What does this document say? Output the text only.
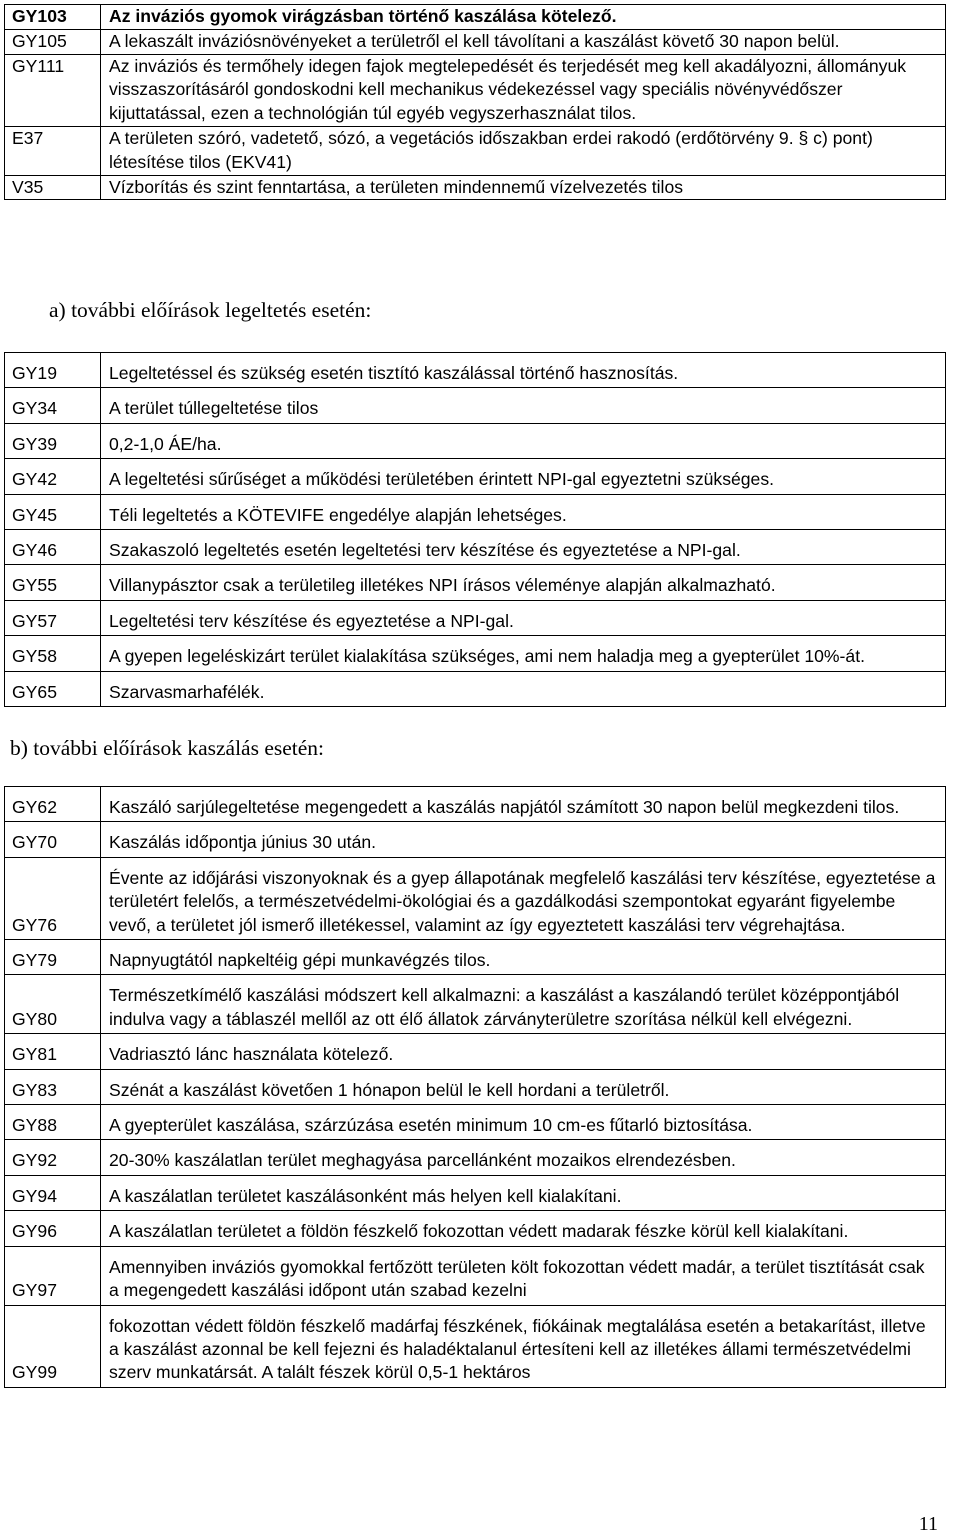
GY103	Az inváziós gyomok virágzásban történő kaszálása kötelező.
GY105	A lekaszált inváziósnövényeket a területről el kell távolítani a kaszálást követő 30 napon belül.
GY111	Az inváziós és termőhely idegen fajok megtelepedését és terjedését meg kell akadályozni, állományuk visszaszorításáról gondoskodni kell mechanikus védekezéssel vagy speciális növényvédőszer kijuttatással, ezen a technológián túl egyéb vegyszerhasználat tilos.
E37	A területen szóró, vadetető, sózó, a vegetációs időszakban erdei rakodó (erdőtörvény 9. § c) pont) létesítése tilos (EKV41)
V35	Vízborítás és szint fenntartása, a területen mindennemű vízelvezetés tilos
a) további előírások legeltetés esetén:
GY19	Legeltetéssel és szükség esetén tisztító kaszálással történő hasznosítás.
GY34	A terület túllegeltetése tilos
GY39	0,2-1,0 ÁE/ha.
GY42	A legeltetési sűrűséget a működési területében érintett NPI-gal egyeztetni szükséges.
GY45	Téli legeltetés a KÖTEVIFE engedélye alapján lehetséges.
GY46	Szakaszoló legeltetés esetén legeltetési terv készítése és egyeztetése a NPI-gal.
GY55	Villanypásztor csak a területileg illetékes NPI írásos véleménye alapján alkalmazható.
GY57	Legeltetési terv készítése és egyeztetése a NPI-gal.
GY58	A gyepen legeléskizárt terület kialakítása szükséges, ami nem haladja meg a gyepterület 10%-át.
GY65	Szarvasmarhafélék.
b) további előírások kaszálás esetén:
GY62	Kaszáló sarjúlegeltetése megengedett a kaszálás napjától számított 30 napon belül megkezdeni tilos.
GY70	Kaszálás időpontja június 30 után.
GY76	Évente az időjárási viszonyoknak és a gyep állapotának megfelelő kaszálási terv készítése, egyeztetése a területért felelős, a természetvédelmi-ökológiai és a gazdálkodási szempontokat egyaránt figyelembe vevő, a területet jól ismerő illetékessel, valamint az így egyeztetett kaszálási terv végrehajtása.
GY79	Napnyugtától napkeltéig gépi munkavégzés tilos.
GY80	Természetkímélő kaszálási módszert kell alkalmazni: a kaszálást a kaszálandó terület középpontjából indulva vagy a táblaszél mellől az ott élő állatok zárványterületre szorítása nélkül kell elvégezni.
GY81	Vadriasztó lánc használata kötelező.
GY83	Szénát a kaszálást követően 1 hónapon belül le kell hordani a területről.
GY88	A gyepterület kaszálása, szárzúzása esetén minimum 10 cm-es fűtarló biztosítása.
GY92	20-30% kaszálatlan terület meghagyása parcellánként mozaikos elrendezésben.
GY94	A kaszálatlan területet kaszálásonként más helyen kell kialakítani.
GY96	A kaszálatlan területet a földön fészkelő fokozottan védett madarak fészke körül kell kialakítani.
GY97	Amennyiben inváziós gyomokkal fertőzött területen költ fokozottan védett madár, a terület tisztítását csak a megengedett kaszálási időpont után szabad kezelni
GY99	fokozottan védett földön fészkelő madárfaj fészkének, fiókáinak megtalálása esetén a betakarítást, illetve a kaszálást azonnal be kell fejezni és haladéktalanul értesíteni kell az illetékes állami természetvédelmi szerv munkatársát. A talált fészek körül 0,5-1 hektáros
11
